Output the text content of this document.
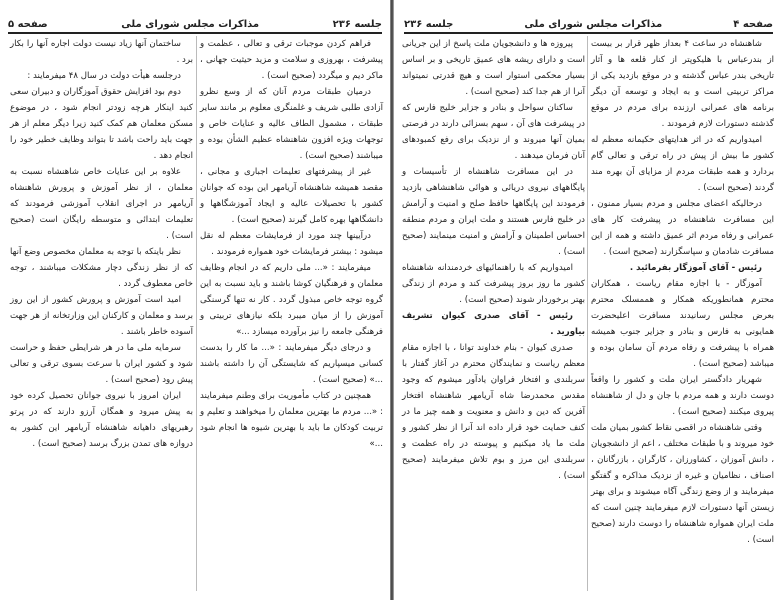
جلسه ۲۳۶
مذاکرات مجلس شورای ملی
صفحه ۵

فراهم کردن موجبات ترقی و تعالی ، عظمت و پیشرفت ، بهروزی و سلامت و مزید حیثیت جهانی ، ماکر دیم و میگردد (صحیح است) .

درمیان طبقات مردم آنان که از وسع نظرو آزادی طلبی شریف و غلمنگری معلوم بر مانند سایر طبقات ، مشمول الطاف عالیه و عنایات خاص و توجهات ویژه افزون شاهنشاه عظیم الشأن بوده و میباشند (صحیح است) .

غیر از پیشرفتهای تعلیمات اجباری و مجانی ، مقصد همیشه شاهنشاه آریامهر این بوده که جوانان کشور با تحصیلات عالیه و ایجاد آموزشگاهها و دانشگاهها بهره کامل گیرند (صحیح است) .

درآیینها چند مورد از فرمایشات معظم له نقل میشود : بیشتر فرمایشات خود همواره فرمودند .

میفرمایند : «... ملی داریم که در انجام وظایف معلمان و فرهنگیان کوشا باشند و باید نسبت به این گروه توجه خاص مبذول گردد . کار نه تنها گرسنگی آموزش را از میان میبرد بلکه نیازهای تربیتی و فرهنگی جامعه را نیز برآورده میسازد ...»

و درجای دیگر میفرمایند : «... ما کار را بدست کسانی میسپاریم که شایستگی آن را داشته باشند ...» (صحیح است) .

همچنین در کتاب مأموریت برای وطنم میفرمایند : «... مردم ما بهترین معلمان را میخواهند و تعلیم و تربیت کودکان ما باید با بهترین شیوه ها انجام شود ...»

ساختمان آنها زیاد نیست دولت اجاره آنها را بکار برد .

درجلسه هیأت دولت در سال ۴۸ میفرمایند :

دوم بود افزایش حقوق آموزگاران و دبیران سعی کنید اینکار هرچه زودتر انجام شود ، در موضوع مسکن معلمان هم کمک کنید زیرا دیگر معلم از هر جهت باید راحت باشد تا بتواند وظایف خطیر خود را انجام دهد .

علاوه بر این عنایات خاص شاهنشاه نسبت به معلمان ، از نظر آموزش و پرورش شاهنشاه آریامهر در اجرای انقلاب آموزشی فرمودند که تعلیمات ابتدائی و متوسطه رایگان است (صحیح است) .

نظر باینکه با توجه به معلمان مخصوص وضع آنها که از نظر زندگی دچار مشکلات میباشند ، توجه خاص معطوف گردد .

امید است آموزش و پرورش کشور از این روز برسد و معلمان و کارکنان این وزارتخانه از هر جهت آسوده خاطر باشند .

سرمایه ملی ما در هر شرایطی حفظ و حراست شود و کشور ایران با سرعت بسوی ترقی و تعالی پیش رود (صحیح است) .

ایران امروز با نیروی جوانان تحصیل کرده خود به پیش میرود و همگان آرزو دارند که در پرتو رهبریهای داهیانه شاهنشاه آریامهر این کشور به دروازه های تمدن بزرگ برسد (صحیح است) .

صفحه ۴
مذاکرات مجلس شورای ملی
جلسه ۲۳۶

شاهنشاه در ساعت ۴ بعداز ظهر قرار بر بیست از بندرعباس با هلیکوپتر از کنار قلعه ها و آثار تاریخی بندر عباس گذشته و در موقع بازدید یکی از مراکز تربیتی است و به ایجاد و توسعه آن دیگر برنامه های عمرانی ارزنده برای مردم در موقع گذشته دستورات لازم فرمودند .

امیدواریم که در اثر هدایتهای حکیمانه معظم له کشور ما بیش از پیش در راه ترقی و تعالی گام بردارد و همه طبقات مردم از مزایای آن بهره مند گردند (صحیح است) .

درحالیکه اعضای مجلس و مردم بسیار ممنون ، این مسافرت شاهنشاه در پیشرفت کار های عمرانی و رفاه مردم اثر عمیق داشته و همه از این مسافرت شادمان و سپاسگزارند (صحیح است) .

رئیس - آقای آموزگار بفرمائید .

آموزگار - با اجازه مقام ریاست ، همکاران محترم همانطوریکه همکار و هممسلک محترم بعرض مجلس رسانیدند مسافرت اعلیحضرت همایونی به فارس و بنادر و جزایر جنوب همیشه همراه با پیشرفت و رفاه مردم آن سامان بوده و میباشد (صحیح است) .

شهریار دادگستر ایران ملت و کشور را واقعاً دوست دارند و همه مردم با جان و دل از شاهنشاه پیروی میکنند (صحیح است) .

وقتی شاهنشاه در اقصی نقاط کشور بمیان ملت خود میروند و با طبقات مختلف ، اعم از دانشجویان ، دانش آموزان ، کشاورزان ، کارگران ، بازرگانان ، اصناف ، نظامیان و غیره از نزدیک مذاکره و گفتگو میفرمایند و از وضع زندگی آگاه میشوند و برای بهتر زیستن آنها دستورات لازم میفرمایند چنین است که ملت ایران همواره شاهنشاه را دوست دارند (صحیح است) .

پیروزه ها و دانشجویان ملت پاسخ از این جریانی است و دارای ریشه های عمیق تاریخی و بر اساس بسیار محکمی استوار است و هیچ قدرتی نمیتواند آنرا از هم جدا کند (صحیح است) .

ساکنان سواحل و بنادر و جزایر خلیج فارس که در پیشرفت های آن ، سهم بسزائی دارند در فرصتی بمیان آنها میروند و از نزدیک برای رفع کمبودهای آنان فرمان میدهند .

در این مسافرت شاهنشاه از تأسیسات و پایگاههای نیروی دریائی و هوائی شاهنشاهی بازدید فرمودند این پایگاهها حافظ صلح و امنیت و آرامش در خلیج فارس هستند و ملت ایران و مردم منطقه احساس اطمینان و آرامش و امنیت مینمایند (صحیح است) .

امیدواریم که با راهنمائیهای خردمندانه شاهنشاه کشور ما روز بروز پیشرفت کند و مردم از زندگی بهتر برخوردار شوند (صحیح است) .

رئیس - آقای صدری کیوان تشریف بیاورید .

صدری کیوان - بنام خداوند توانا ، با اجازه مقام معظم ریاست و نمایندگان محترم در آغاز گفتار با سربلندی و افتخار فراوان یادآور میشوم که وجود مقدس محمدرضا شاه آریامهر شاهنشاه افتخار آفرین که دین و دانش و معنویت و همه چیز ما در کنف حمایت خود قرار داده اند آنرا از نظر کشور و ملت ما یاد میکنیم و پیوسته در راه عظمت و سربلندی این مرز و بوم تلاش میفرمایند (صحیح است) .
